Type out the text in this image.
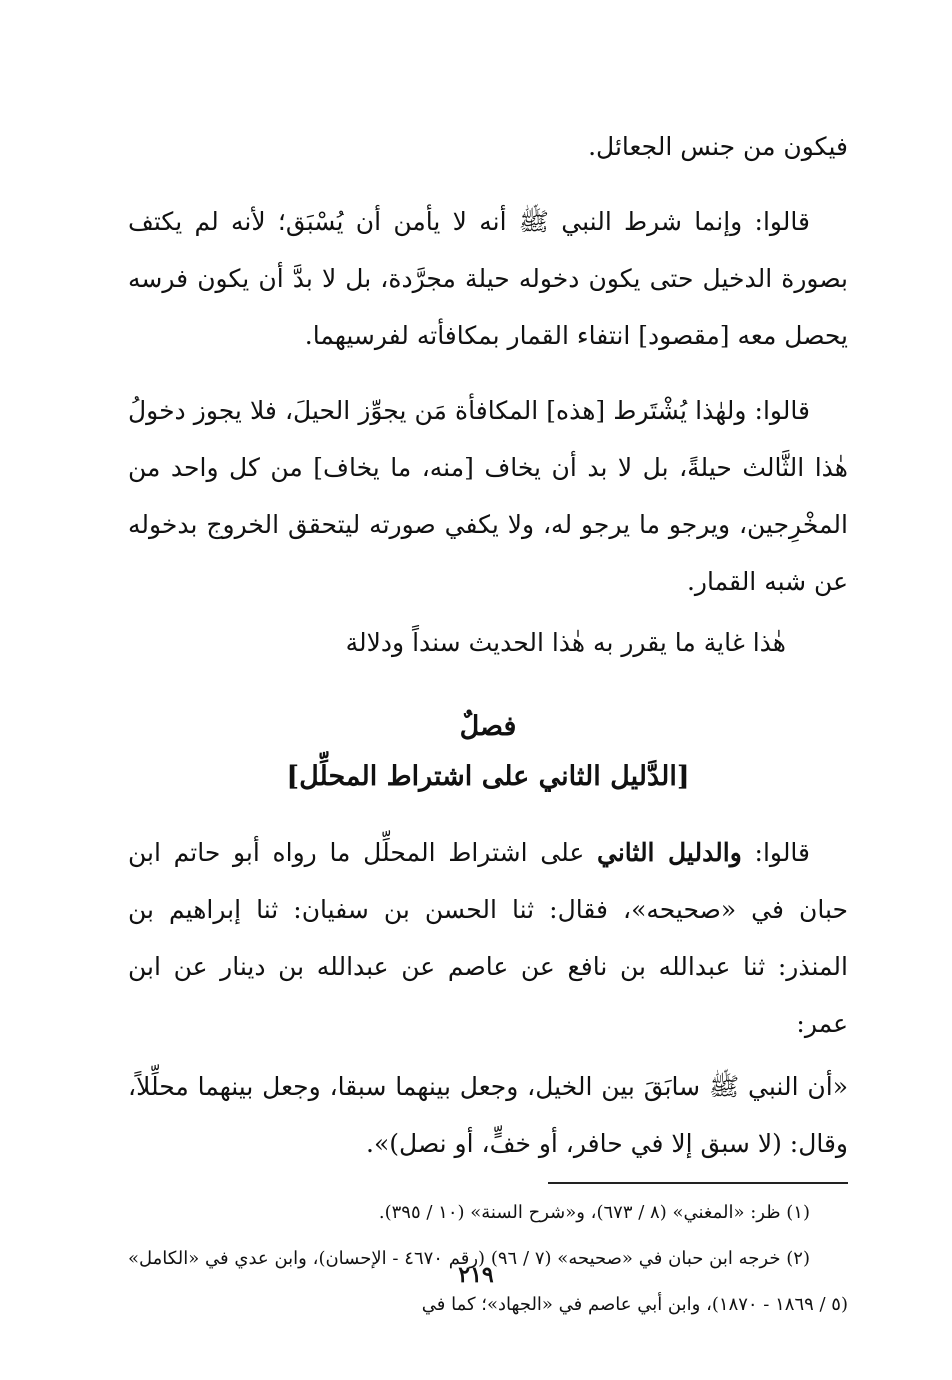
فيكون من جنس الجعائل.

قالوا: وإنما شرط النبي ﷺ أنه لا يأمن أن يُسْبَق؛ لأنه لم يكتف بصورة الدخيل حتى يكون دخوله حيلة مجرَّدة، بل لا بدَّ أن يكون فرسه يحصل معه [مقصود] انتفاء القمار بمكافأته لفرسيهما.

قالوا: ولهٰذا يُشْتَرط [هذه] المكافأة مَن يجوِّز الحيلَ، فلا يجوز دخولُ هٰذا الثَّالث حيلةً، بل لا بد أن يخاف [منه، ما يخاف] من كل واحد من المخْرِجين، ويرجو ما يرجو له، ولا يكفي صورته ليتحقق الخروج بدخوله عن شبه القمار.

هٰذا غاية ما يقرر به هٰذا الحديث سنداً ودلالة

فصلٌ

[الدَّليل الثاني على اشتراط المحلِّل]

قالوا: والدليل الثاني على اشتراط المحلِّل ما رواه أبو حاتم ابن حبان في «صحيحه»، فقال: ثنا الحسن بن سفيان: ثنا إبراهيم بن المنذر: ثنا عبدالله بن نافع عن عاصم عن عبدالله بن دينار عن ابن عمر:

«أن النبي ﷺ سابَقَ بين الخيل، وجعل بينهما سبقا، وجعل بينهما محلِّلاً، وقال: (لا سبق إلا في حافر، أو خفٍّ، أو نصل)».

(١) ظر: «المغني» (٨ / ٦٧٣)، و«شرح السنة» (١٠ / ٣٩٥).

(٢) خرجه ابن حبان في «صحيحه» (٧ / ٩٦) (رقم ٤٦٧٠ - الإحسان)، وابن عدي في «الكامل» (٥ / ١٨٦٩ - ١٨٧٠)، وابن أبي عاصم في «الجهاد»؛ كما في

٢١٩
